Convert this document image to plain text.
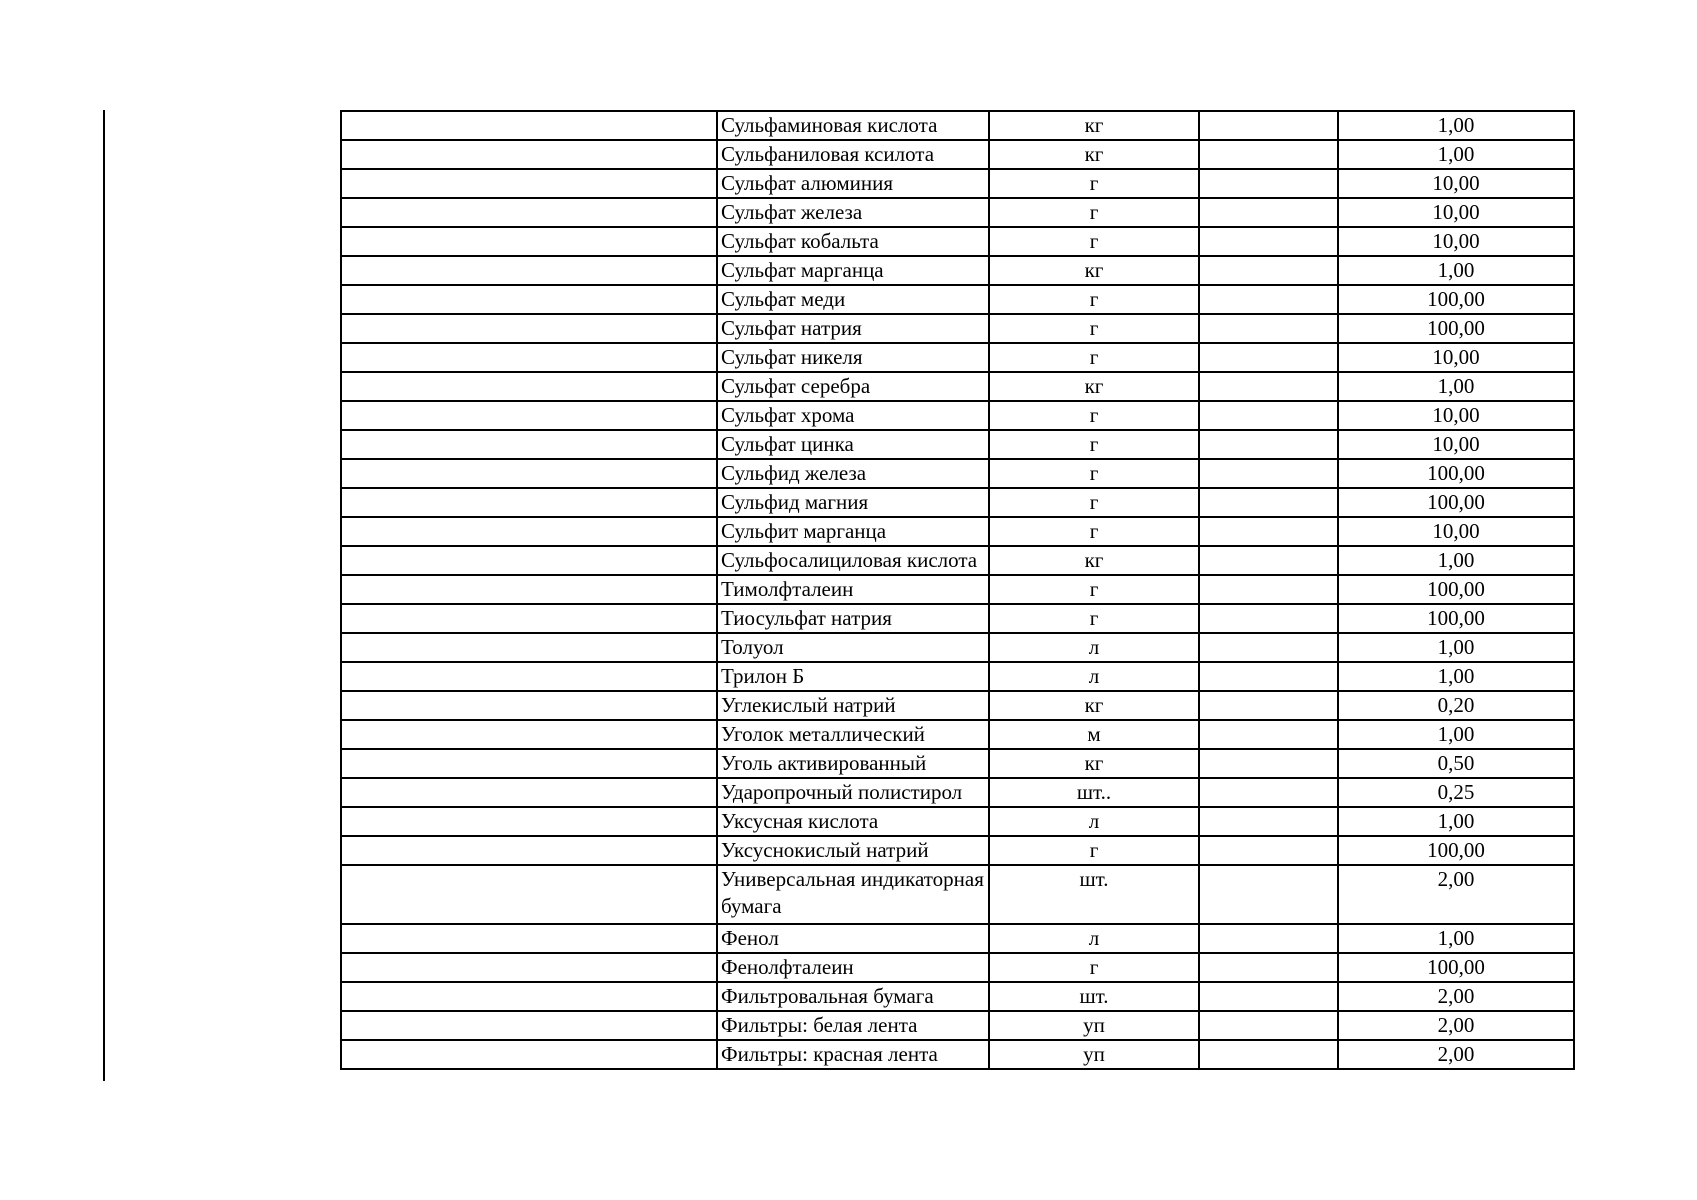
	Сульфаминовая кислота	кг		1,00
	Сульфаниловая ксилота	кг		1,00
	Сульфат алюминия	г		10,00
	Сульфат железа	г		10,00
	Сульфат кобальта	г		10,00
	Сульфат марганца	кг		1,00
	Сульфат меди	г		100,00
	Сульфат натрия	г		100,00
	Сульфат никеля	г		10,00
	Сульфат серебра	кг		1,00
	Сульфат хрома	г		10,00
	Сульфат цинка	г		10,00
	Сульфид железа	г		100,00
	Сульфид магния	г		100,00
	Сульфит марганца	г		10,00
	Сульфосалициловая кислота	кг		1,00
	Тимолфталеин	г		100,00
	Тиосульфат натрия	г		100,00
	Толуол	л		1,00
	Трилон Б	л		1,00
	Углекислый натрий	кг		0,20
	Уголок металлический	м		1,00
	Уголь активированный	кг		0,50
	Ударопрочный полистирол	шт..		0,25
	Уксусная кислота	л		1,00
	Уксуснокислый натрий	г		100,00
	Универсальная индикаторная бумага	шт.		2,00
	Фенол	л		1,00
	Фенолфталеин	г		100,00
	Фильтровальная бумага	шт.		2,00
	Фильтры: белая лента	уп		2,00
	Фильтры: красная лента	уп		2,00
